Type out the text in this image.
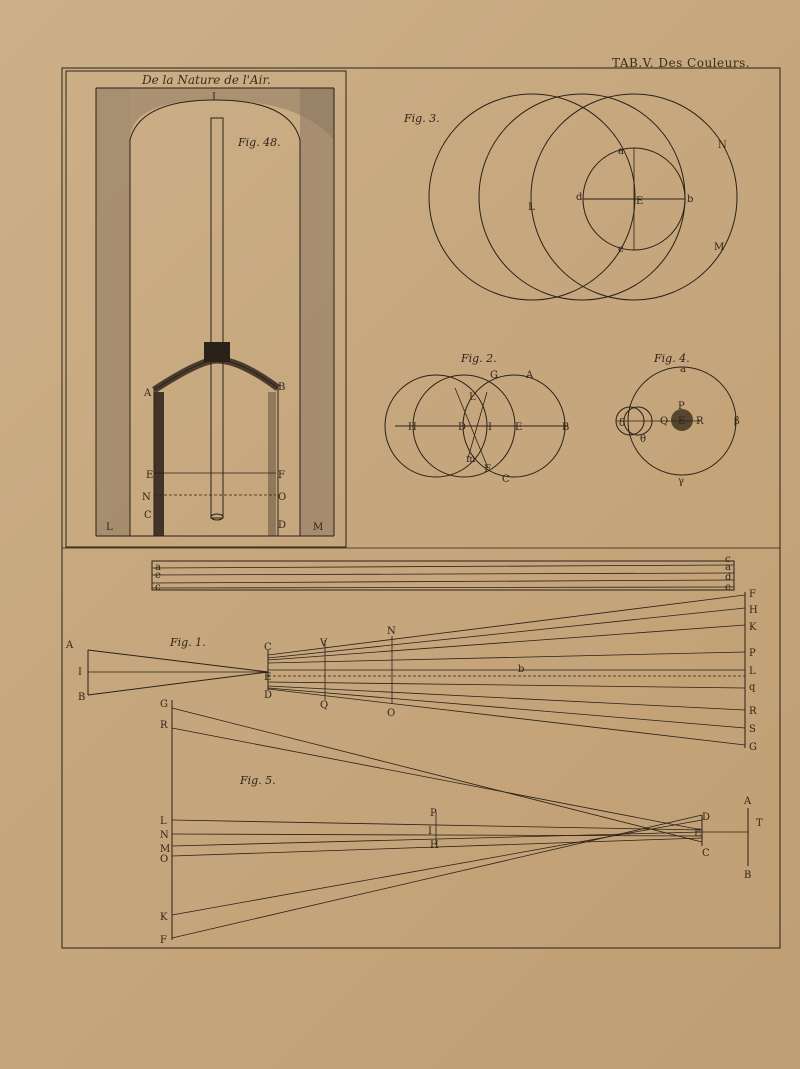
TAB.V. Des Couleurs.
De la Nature de l'Air.
I
A
B
E	F
N	O
C
D
L	M
N
L
d	E	b
a
c	M
G	A
L
H	D I E	B
m
F
C
a
P
Q E R	β
δ
θ
γ
a
e
c
c
a
d
e
A
I
B
C
E
D
V
Q
N
O
b
F
H
K
P
L
q
R
S
G
G
R
L
N
M
O
K
F
P
I
H
D
E
C
A
T
B
Fig. 48.
Fig. 3.
Fig. 2.	Fig. 4.
Fig. 1.
Fig. 5.
